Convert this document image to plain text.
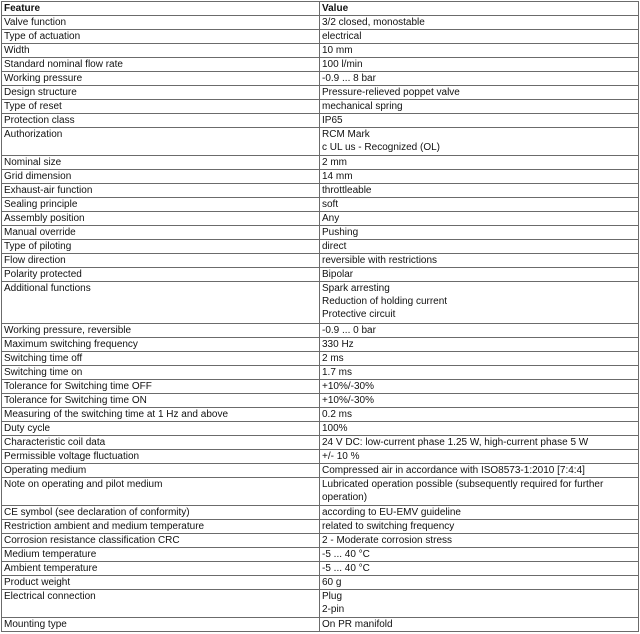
Feature	Value
Valve function	3/2 closed, monostable

Type of actuation	electrical

Width	10 mm

Standard nominal flow rate	100 l/min

Working pressure	-0.9 ... 8 bar

Design structure	Pressure-relieved poppet valve

Type of reset	mechanical spring

Protection class	IP65

Authorization	RCM Mark
c UL us - Recognized (OL)

Nominal size	2 mm

Grid dimension	14 mm

Exhaust-air function	throttleable

Sealing principle	soft

Assembly position	Any

Manual override	Pushing

Type of piloting	direct

Flow direction	reversible with restrictions

Polarity protected	Bipolar

Additional functions	Spark arresting
Reduction of holding current
Protective circuit

Working pressure, reversible	-0.9 ... 0 bar

Maximum switching frequency	330 Hz

Switching time off	2 ms

Switching time on	1.7 ms

Tolerance for Switching time OFF	+10%/-30%

Tolerance for Switching time ON	+10%/-30%

Measuring of the switching time at 1 Hz and above	0.2 ms

Duty cycle	100%

Characteristic coil data	24 V DC: low-current phase 1.25 W, high-current phase 5 W

Permissible voltage fluctuation	+/- 10 %

Operating medium	Compressed air in accordance with ISO8573-1:2010 [7:4:4]

Note on operating and pilot medium	Lubricated operation possible (subsequently required for further operation)

CE symbol (see declaration of conformity)	according to EU-EMV guideline

Restriction ambient and medium temperature	related to switching frequency

Corrosion resistance classification CRC	2 - Moderate corrosion stress

Medium temperature	-5 ... 40 °C

Ambient temperature	-5 ... 40 °C

Product weight	60 g

Electrical connection	Plug
2-pin

Mounting type	On PR manifold
